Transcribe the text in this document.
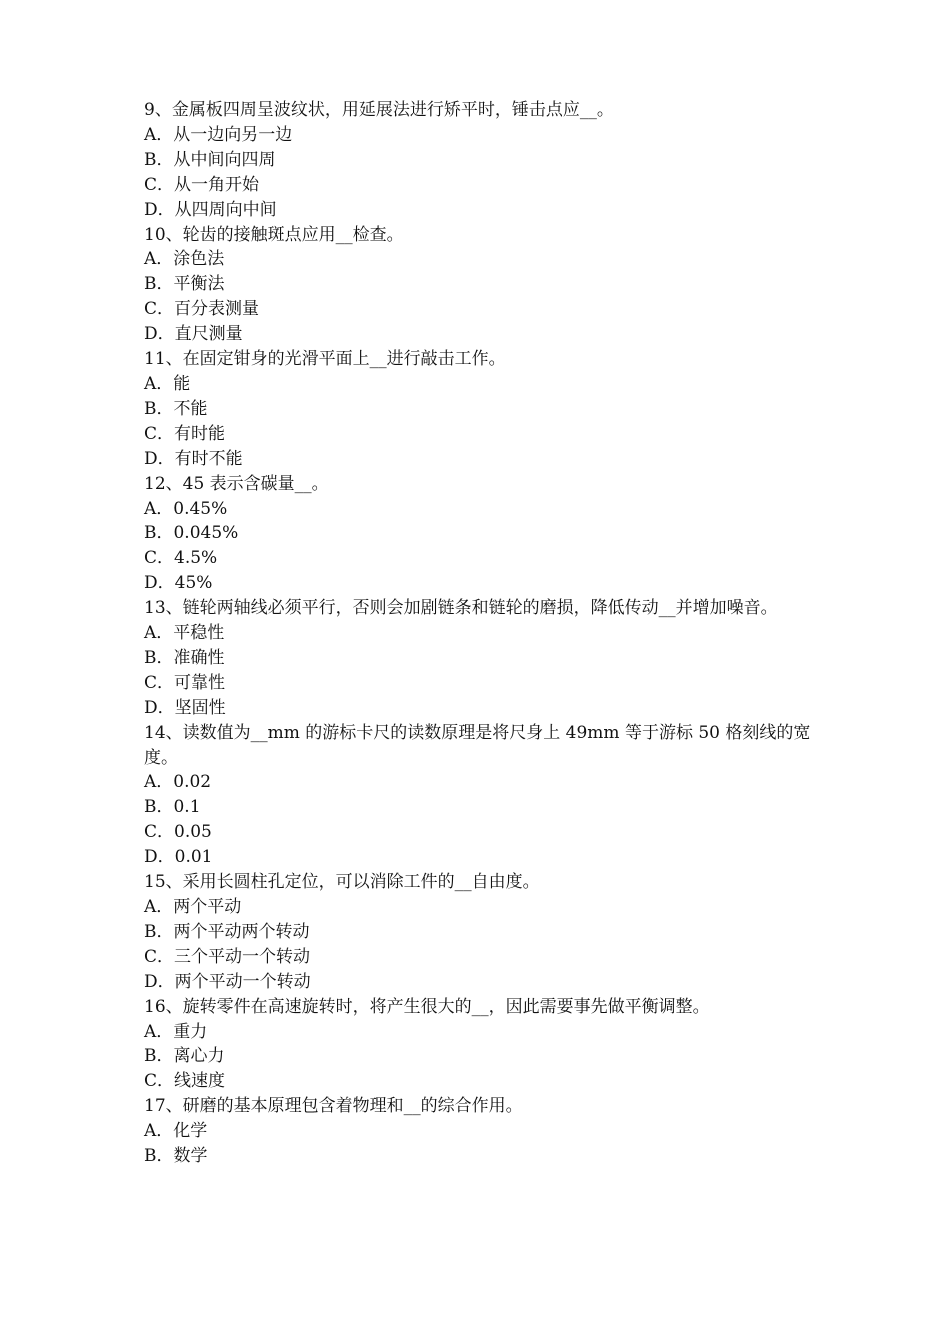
9、金属板四周呈波纹状，用延展法进行矫平时，锤击点应__。
A．从一边向另一边
B．从中间向四周
C．从一角开始
D．从四周向中间
10、轮齿的接触斑点应用__检查。
A．涂色法
B．平衡法
C．百分表测量
D．直尺测量
11、在固定钳身的光滑平面上__进行敲击工作。
A．能
B．不能
C．有时能
D．有时不能
12、45 表示含碳量__。
A．0.45%
B．0.045%
C．4.5%
D．45%
13、链轮两轴线必须平行，否则会加剧链条和链轮的磨损，降低传动__并增加噪音。
A．平稳性
B．准确性
C．可靠性
D．坚固性
14、读数值为__mm 的游标卡尺的读数原理是将尺身上 49mm 等于游标 50 格刻线的宽度。
A．0.02
B．0.1
C．0.05
D．0.01
15、采用长圆柱孔定位，可以消除工件的__自由度。
A．两个平动
B．两个平动两个转动
C．三个平动一个转动
D．两个平动一个转动
16、旋转零件在高速旋转时，将产生很大的__，因此需要事先做平衡调整。
A．重力
B．离心力
C．线速度
17、研磨的基本原理包含着物理和__的综合作用。
A．化学
B．数学
